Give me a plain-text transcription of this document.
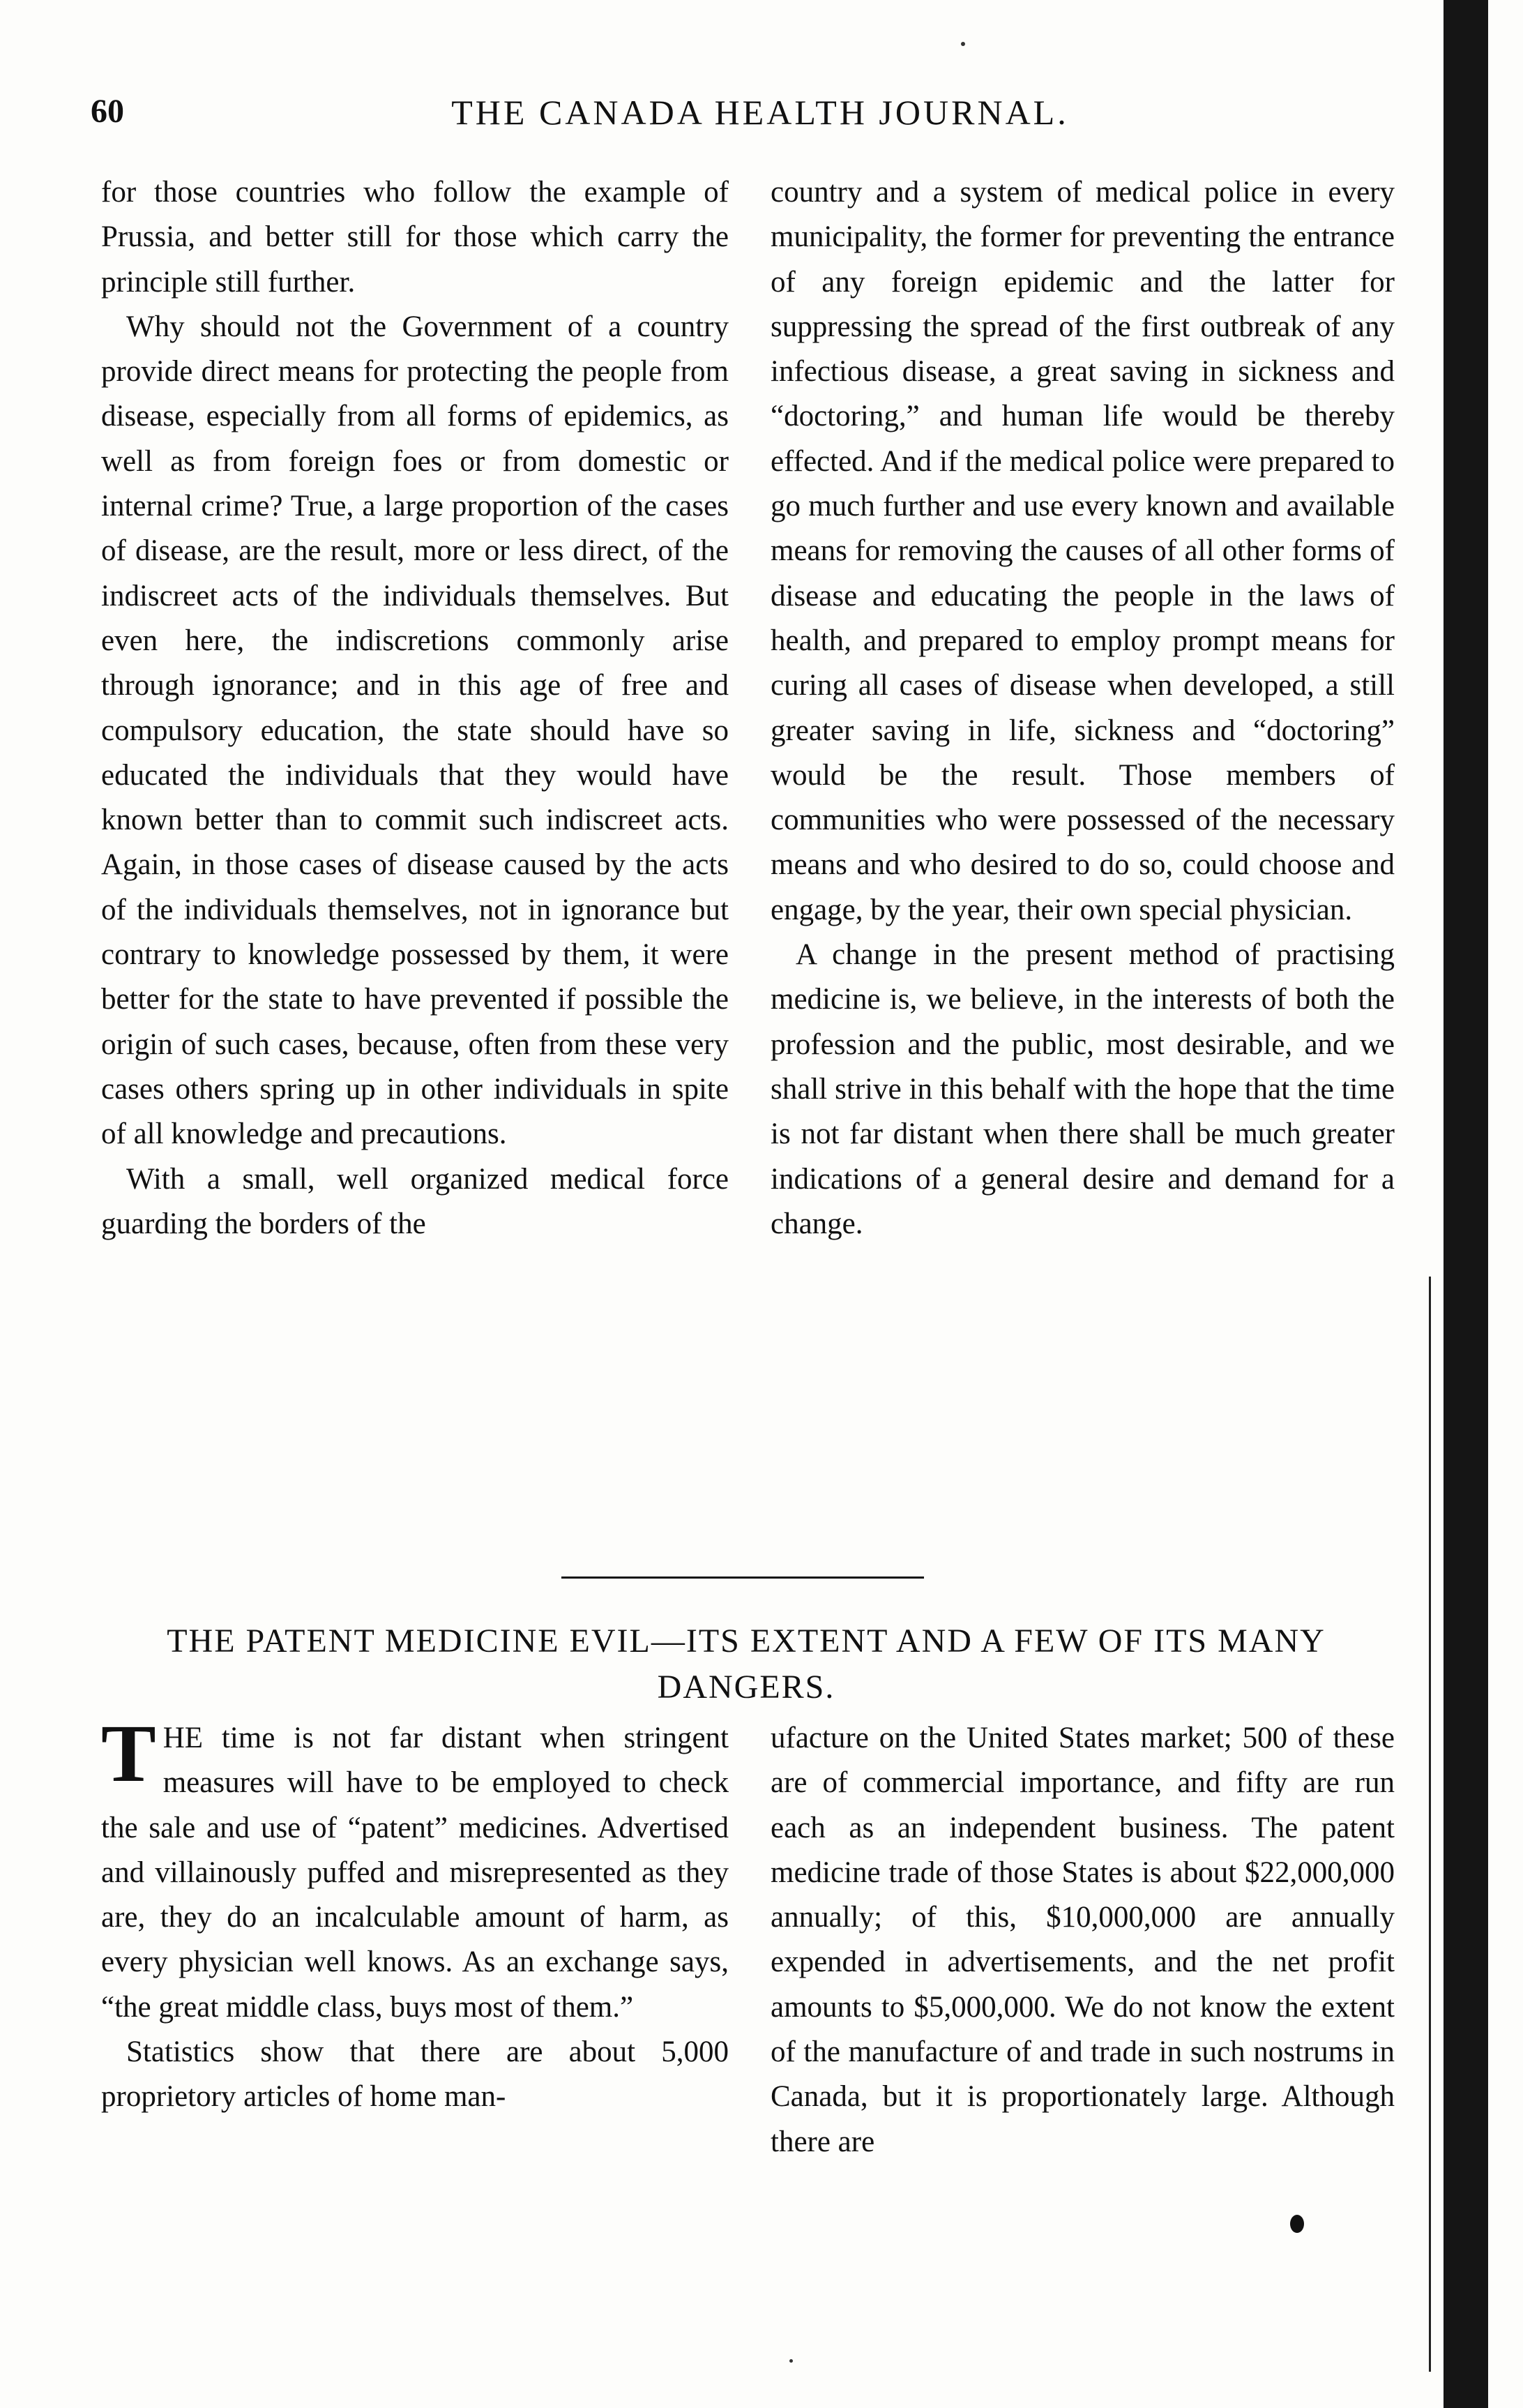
60	THE CANADA HEALTH JOURNAL.

for those countries who follow the example of Prussia, and better still for those which carry the principle still further.

Why should not the Government of a country provide direct means for protecting the people from disease, especially from all forms of epidemics, as well as from foreign foes or from domestic or internal crime? True, a large proportion of the cases of disease, are the result, more or less direct, of the indiscreet acts of the individuals themselves. But even here, the indiscretions commonly arise through ignorance; and in this age of free and compulsory education, the state should have so educated the individuals that they would have known better than to commit such indiscreet acts. Again, in those cases of disease caused by the acts of the individuals themselves, not in ignorance but contrary to knowledge possessed by them, it were better for the state to have prevented if possible the origin of such cases, because, often from these very cases others spring up in other individuals in spite of all knowledge and precautions.

With a small, well organized medical force guarding the borders of the

country and a system of medical police in every municipality, the former for preventing the entrance of any foreign epidemic and the latter for suppressing the spread of the first outbreak of any infectious disease, a great saving in sickness and “doctoring,” and human life would be thereby effected. And if the medical police were prepared to go much further and use every known and available means for removing the causes of all other forms of disease and educating the people in the laws of health, and prepared to employ prompt means for curing all cases of disease when developed, a still greater saving in life, sickness and “doctoring” would be the result. Those members of communities who were possessed of the necessary means and who desired to do so, could choose and engage, by the year, their own special physician.

A change in the present method of practising medicine is, we believe, in the interests of both the profession and the public, most desirable, and we shall strive in this behalf with the hope that the time is not far distant when there shall be much greater indications of a general desire and demand for a change.

THE PATENT MEDICINE EVIL—ITS EXTENT AND A FEW OF ITS MANY DANGERS.

THE time is not far distant when stringent measures will have to be employed to check the sale and use of “patent” medicines. Advertised and villainously puffed and misrepresented as they are, they do an incalculable amount of harm, as every physician well knows. As an exchange says, “the great middle class, buys most of them.”

Statistics show that there are about 5,000 proprietory articles of home man-

ufacture on the United States market; 500 of these are of commercial importance, and fifty are run each as an independent business. The patent medicine trade of those States is about $22,000,000 annually; of this, $10,000,000 are annually expended in advertisements, and the net profit amounts to $5,000,000. We do not know the extent of the manufacture of and trade in such nostrums in Canada, but it is proportionately large. Although there are
